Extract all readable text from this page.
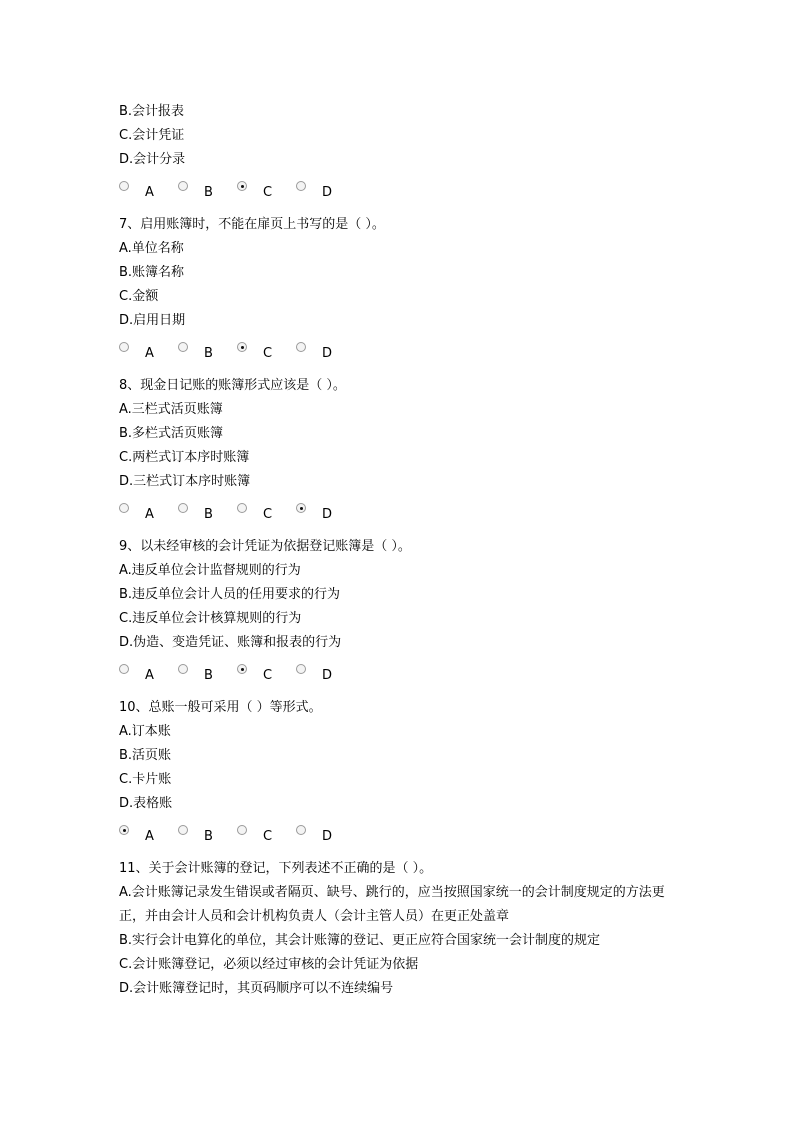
B.会计报表
C.会计凭证
D.会计分录
A	B	C	D
7、启用账簿时，不能在扉页上书写的是（ ）。
A.单位名称
B.账簿名称
C.金额
D.启用日期
A	B	C	D
8、现金日记账的账簿形式应该是（ ）。
A.三栏式活页账簿
B.多栏式活页账簿
C.两栏式订本序时账簿
D.三栏式订本序时账簿
A	B	C	D
9、以未经审核的会计凭证为依据登记账簿是（ ）。
A.违反单位会计监督规则的行为
B.违反单位会计人员的任用要求的行为
C.违反单位会计核算规则的行为
D.伪造、变造凭证、账簿和报表的行为
A	B	C	D
10、总账一般可采用（ ）等形式。
A.订本账
B.活页账
C.卡片账
D.表格账
A	B	C	D
11、关于会计账簿的登记，下列表述不正确的是（ ）。
A.会计账簿记录发生错误或者隔页、缺号、跳行的，应当按照国家统一的会计制度规定的方法更正，并由会计人员和会计机构负责人（会计主管人员）在更正处盖章
B.实行会计电算化的单位，其会计账簿的登记、更正应符合国家统一会计制度的规定
C.会计账簿登记，必须以经过审核的会计凭证为依据
D.会计账簿登记时，其页码顺序可以不连续编号
